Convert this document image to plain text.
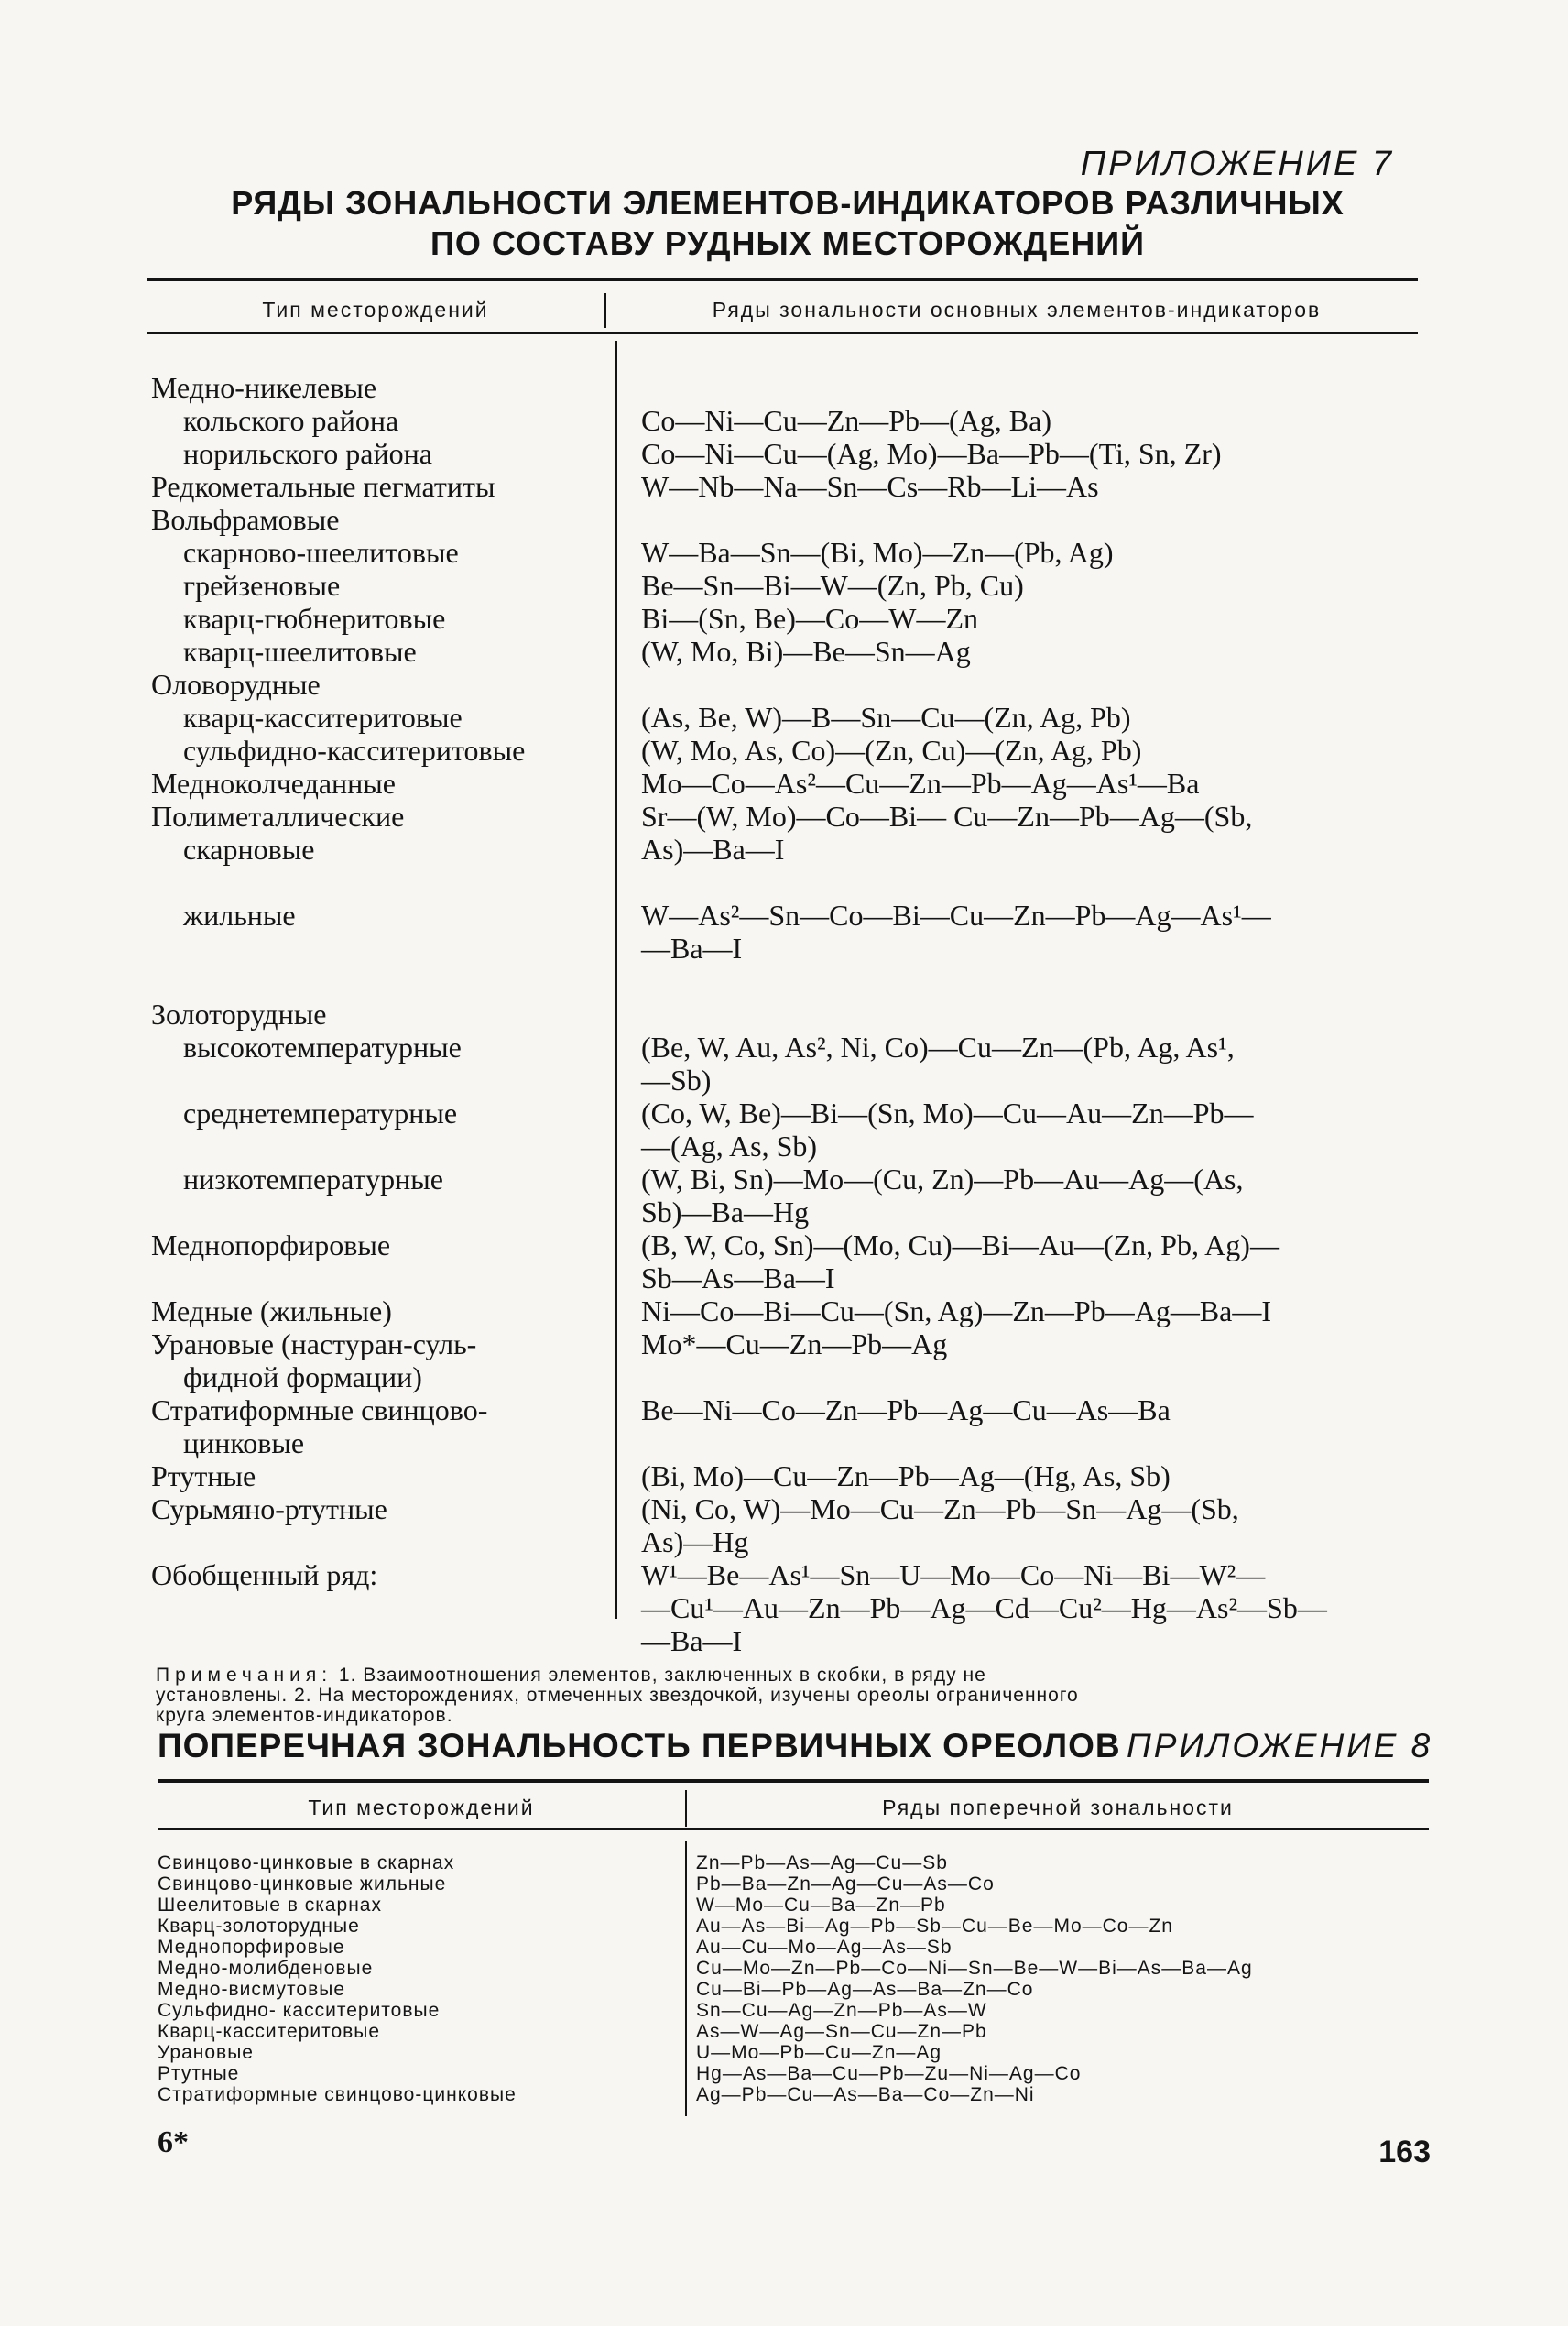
ПРИЛОЖЕНИЕ 7
РЯДЫ ЗОНАЛЬНОСТИ ЭЛЕМЕНТОВ-ИНДИКАТОРОВ РАЗЛИЧНЫХ
ПО СОСТАВУ РУДНЫХ МЕСТОРОЖДЕНИЙ
Тип месторождений	Ряды зональности основных элементов-индикаторов
Медно-никелевые
кольского района	Co—Ni—Cu—Zn—Pb—(Ag, Ba)
норильского района	Co—Ni—Cu—(Ag, Mo)—Ba—Pb—(Ti, Sn, Zr)
Редкометальные пегматиты	W—Nb—Na—Sn—Cs—Rb—Li—As
Вольфрамовые
скарново-шеелитовые	W—Ba—Sn—(Bi, Mo)—Zn—(Pb, Ag)
грейзеновые	Be—Sn—Bi—W—(Zn, Pb, Cu)
кварц-гюбнеритовые	Bi—(Sn, Be)—Co—W—Zn
кварц-шеелитовые	(W, Mo, Bi)—Be—Sn—Ag
Оловорудные
кварц-касситеритовые	(As, Be, W)—B—Sn—Cu—(Zn, Ag, Pb)
сульфидно-касситеритовые	(W, Mo, As, Co)—(Zn, Cu)—(Zn, Ag, Pb)
Медноколчеданные	Mo—Co—As²—Cu—Zn—Pb—Ag—As¹—Ba
Полиметаллические	Sr—(W, Mo)—Co—Bi— Cu—Zn—Pb—Ag—(Sb,
скарновые	As)—Ba—I
жильные	W—As²—Sn—Co—Bi—Cu—Zn—Pb—Ag—As¹—
—Ba—I
Золоторудные
высокотемпературные	(Be, W, Au, As², Ni, Co)—Cu—Zn—(Pb, Ag, As¹,
—Sb)
среднетемпературные	(Co, W, Be)—Bi—(Sn, Mo)—Cu—Au—Zn—Pb—
—(Ag, As, Sb)
низкотемпературные	(W, Bi, Sn)—Mo—(Cu, Zn)—Pb—Au—Ag—(As,
Sb)—Ba—Hg
Меднопорфировые	(B, W, Co, Sn)—(Mo, Cu)—Bi—Au—(Zn, Pb, Ag)—
Sb—As—Ba—I
Медные (жильные)	Ni—Co—Bi—Cu—(Sn, Ag)—Zn—Pb—Ag—Ba—I
Урановые (настуран-суль-	Mo*—Cu—Zn—Pb—Ag
фидной формации)
Стратиформные свинцово-	Be—Ni—Co—Zn—Pb—Ag—Cu—As—Ba
цинковые
Ртутные	(Bi, Mo)—Cu—Zn—Pb—Ag—(Hg, As, Sb)
Сурьмяно-ртутные	(Ni, Co, W)—Mo—Cu—Zn—Pb—Sn—Ag—(Sb,
As)—Hg
Обобщенный ряд:	W¹—Be—As¹—Sn—U—Mo—Co—Ni—Bi—W²—
—Cu¹—Au—Zn—Pb—Ag—Cd—Cu²—Hg—As²—Sb—
—Ba—I
Примечания: 1. Взаимоотношения элементов, заключенных в скобки, в ряду не
установлены. 2. На месторождениях, отмеченных звездочкой, изучены ореолы ограниченного
круга элементов-индикаторов.
ПОПЕРЕЧНАЯ ЗОНАЛЬНОСТЬ ПЕРВИЧНЫХ ОРЕОЛОВ ПРИЛОЖЕНИЕ 8
Тип месторождений	Ряды поперечной зональности
Свинцово-цинковые в скарнах	Zn—Pb—As—Ag—Cu—Sb
Свинцово-цинковые жильные	Pb—Ba—Zn—Ag—Cu—As—Co
Шеелитовые в скарнах	W—Mo—Cu—Ba—Zn—Pb
Кварц-золоторудные	Au—As—Bi—Ag—Pb—Sb—Cu—Be—Mo—Co—Zn
Меднопорфировые	Au—Cu—Mo—Ag—As—Sb
Медно-молибденовые	Cu—Mo—Zn—Pb—Co—Ni—Sn—Be—W—Bi—As—Ba—Ag
Медно-висмутовые	Cu—Bi—Pb—Ag—As—Ba—Zn—Co
Сульфидно- касситеритовые	Sn—Cu—Ag—Zn—Pb—As—W
Кварц-касситеритовые	As—W—Ag—Sn—Cu—Zn—Pb
Урановые	U—Mo—Pb—Cu—Zn—Ag
Ртутные	Hg—As—Ba—Cu—Pb—Zu—Ni—Ag—Co
Стратиформные свинцово-цинковые	Ag—Pb—Cu—As—Ba—Co—Zn—Ni
6*	163
